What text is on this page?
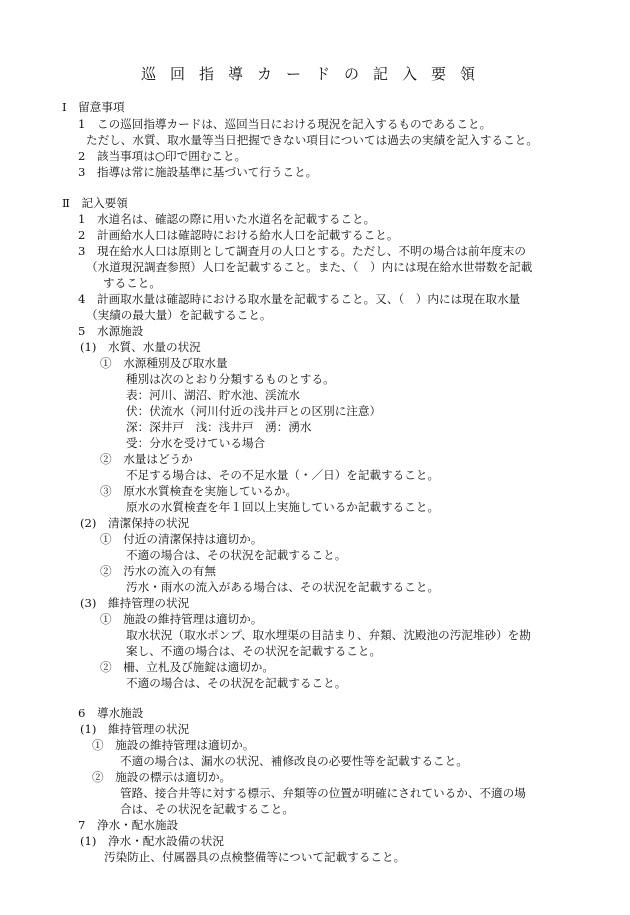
巡回指導カードの記入要領
Ⅰ　留意事項
1　この巡回指導カードは、巡回当日における現況を記入するものであること。
ただし、水質、取水量等当日把握できない項目については過去の実績を記入すること。
2　該当事項は○印で囲むこと。
3　指導は常に施設基準に基づいて行うこと。
Ⅱ　記入要領
1　水道名は、確認の際に用いた水道名を記載すること。
2　計画給水人口は確認時における給水人口を記載すること。
3　現在給水人口は原則として調査月の人口とする。ただし、不明の場合は前年度末の
（水道現況調査参照）人口を記載すること。また、（　）内には現在給水世帯数を記載
すること。
4　計画取水量は確認時における取水量を記載すること。又、（　）内には現在取水量
（実績の最大量）を記載すること。
5　水源施設
(1)　水質、水量の状況
①　水源種別及び取水量
種別は次のとおり分類するものとする。
表：河川、湖沼、貯水池、渓流水
伏：伏流水（河川付近の浅井戸との区別に注意）
深：深井戸　浅：浅井戸　湧：湧水
受：分水を受けている場合
②　水量はどうか
不足する場合は、その不足水量（・／日）を記載すること。
③　原水水質検査を実施しているか。
原水の水質検査を年１回以上実施しているか記載すること。
(2)　清潔保持の状況
①　付近の清潔保持は適切か。
不適の場合は、その状況を記載すること。
②　汚水の流入の有無
汚水・雨水の流入がある場合は、その状況を記載すること。
(3)　維持管理の状況
①　施設の維持管理は適切か。
取水状況（取水ポンプ、取水埋渠の目詰まり、弁類、沈殿池の汚泥堆砂）を勘
案し、不適の場合は、その状況を記載すること。
②　柵、立札及び施錠は適切か。
不適の場合は、その状況を記載すること。
6　導水施設
(1)　維持管理の状況
①　施設の維持管理は適切か。
不適の場合は、漏水の状況、補修改良の必要性等を記載すること。
②　施設の標示は適切か。
管路、接合井等に対する標示、弁類等の位置が明確にされているか、不適の場
合は、その状況を記載すること。
7　浄水・配水施設
(1)　浄水・配水設備の状況
汚染防止、付属器具の点検整備等について記載すること。
